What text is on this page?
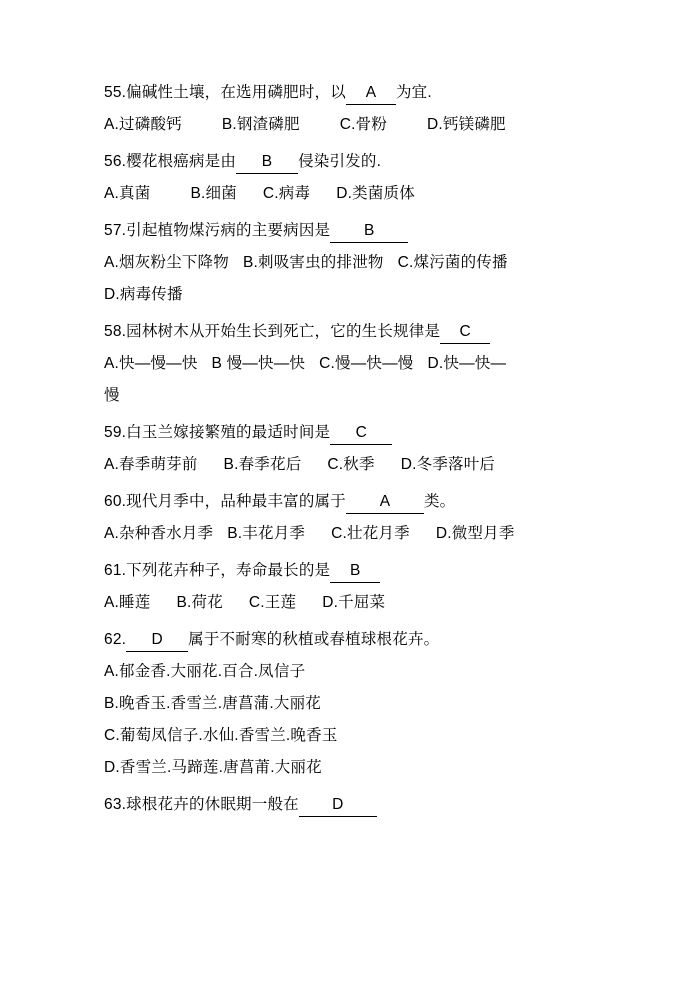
55.偏碱性土壤，在选用磷肥时，以 A 为宜.
A.过磷酸钙	B.钢渣磷肥	C.骨粉	D.钙镁磷肥
56.樱花根癌病是由 B 侵染引发的.
A.真菌	B.细菌 C.病毒 D.类菌质体
57.引起植物煤污病的主要病因是 B
A.烟灰粉尘下降物 B.刺吸害虫的排泄物 C.煤污菌的传播
D.病毒传播
58.园林树木从开始生长到死亡，它的生长规律是 C
A.快—慢—快 B 慢—快—快 C.慢—快—慢 D.快—快—
慢
59.白玉兰嫁接繁殖的最适时间是 C
A.春季萌芽前 B.春季花后 C.秋季 D.冬季落叶后
60.现代月季中，品种最丰富的属于 A 类。
A.杂种香水月季 B.丰花月季 C.壮花月季 D.微型月季
61.下列花卉种子，寿命最长的是 B
A.睡莲 B.荷花 C.王莲 D.千屈菜
62. D 属于不耐寒的秋植或春植球根花卉。
A.郁金香.大丽花.百合.凤信子
B.晚香玉.香雪兰.唐菖蒲.大丽花
C.葡萄凤信子.水仙.香雪兰.晚香玉
D.香雪兰.马蹄莲.唐菖莆.大丽花
63.球根花卉的休眠期一般在 D
